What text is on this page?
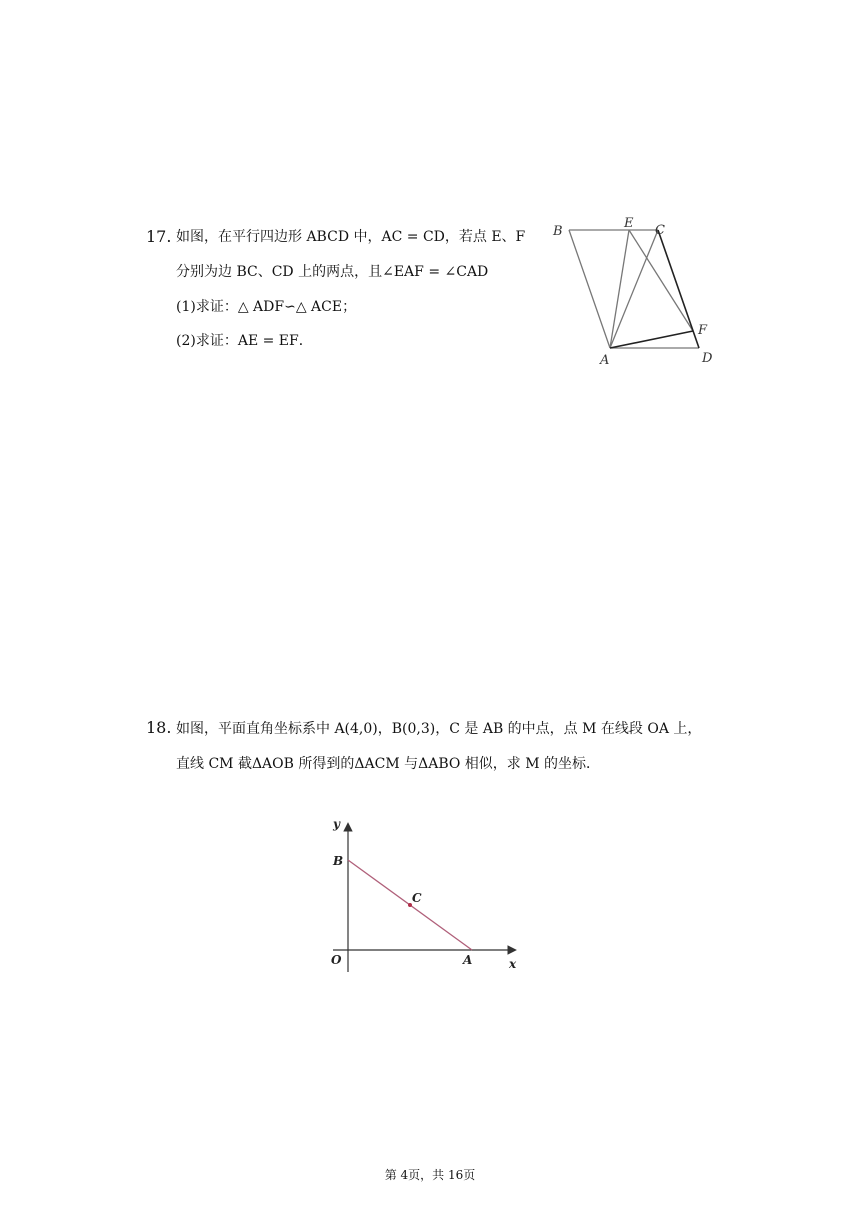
17. 如图，在平行四边形 ABCD 中，AC = CD，若点 E、F
分别为边 BC、CD 上的两点，且∠EAF = ∠CAD
(1)求证：△ ADF∽△ ACE；
(2)求证：AE = EF．
B
E C
F
A	D
18. 如图，平面直角坐标系中 A(4,0)，B(0,3)，C 是 AB 的中点，点 M 在线段 OA 上，
直线 CM 截ΔAOB 所得到的ΔACM 与ΔABO 相似，求 M 的坐标．
y
x
B
C
O	A
第 4页，共 16页
